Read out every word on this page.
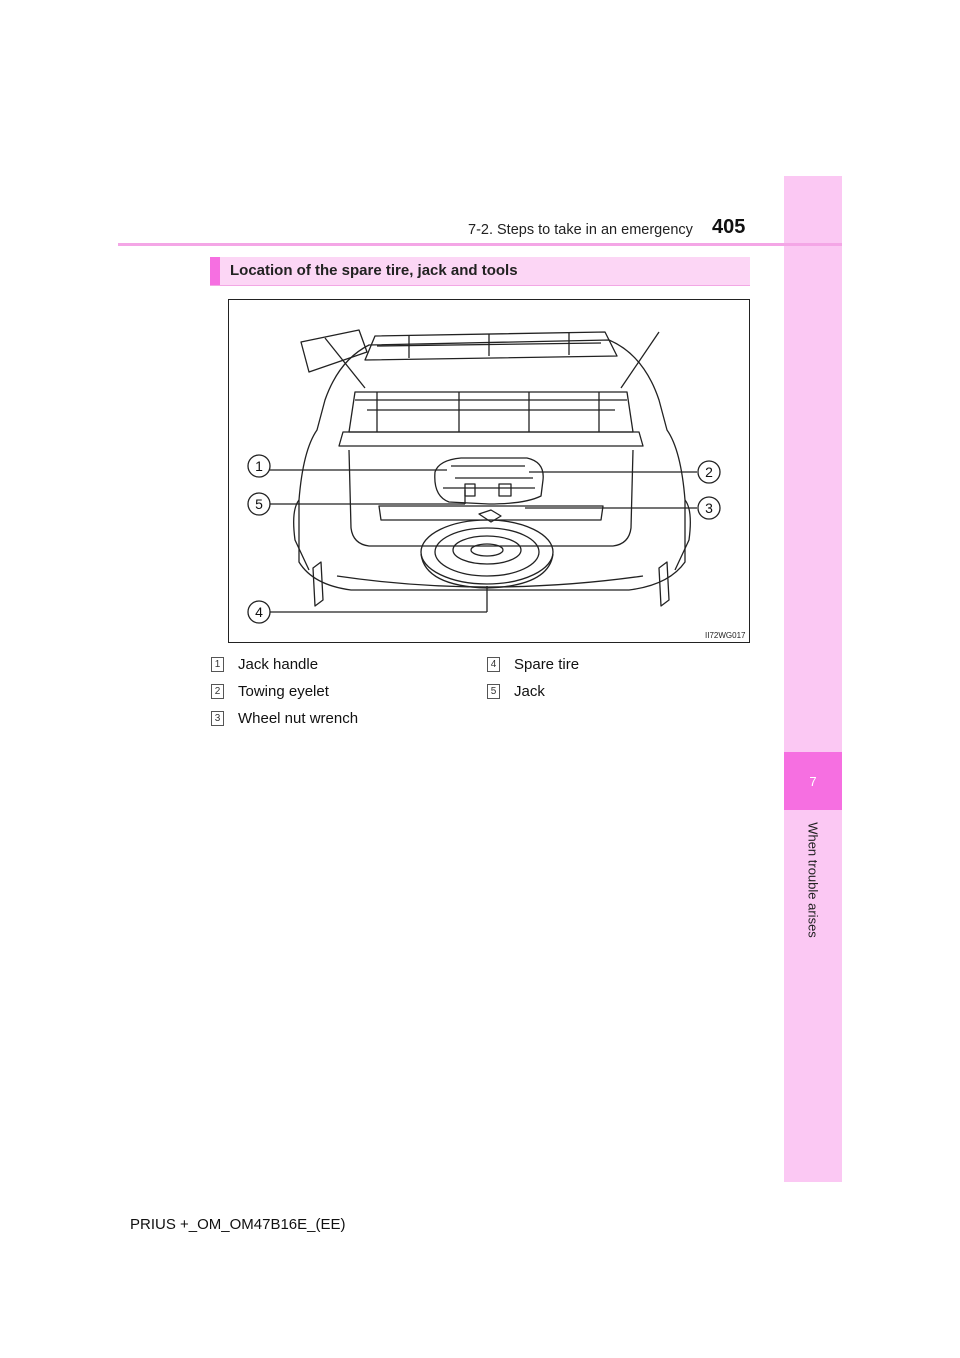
7
When trouble arises
7-2. Steps to take in an emergency 405
Location of the spare tire, jack and tools
1	2
3
4
5
II72WG017
1 Jack handle
2 Towing eyelet
3 Wheel nut wrench
4 Spare tire
5 Jack
PRIUS +_OM_OM47B16E_(EE)
